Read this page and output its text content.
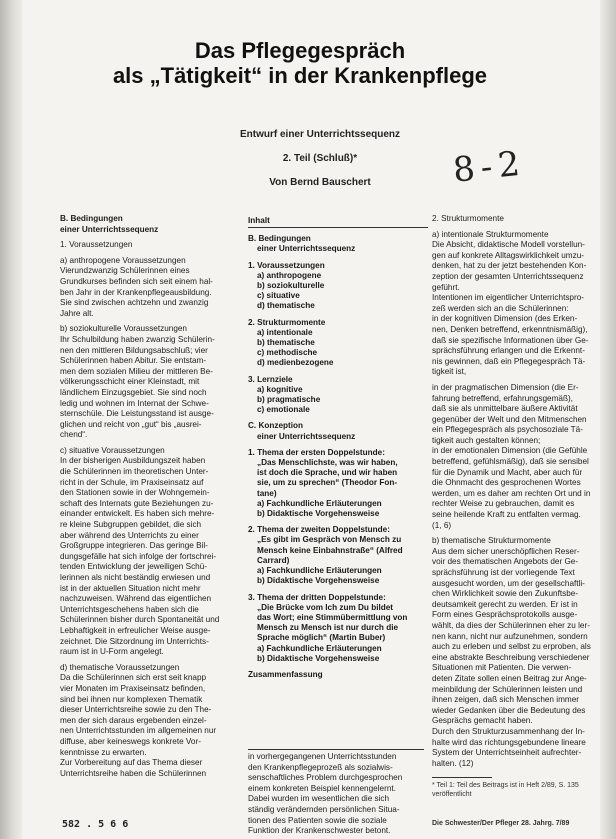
Das Pflegegespräch
als „Tätigkeit“ in der Krankenpflege
Entwurf einer Unterrichtssequenz
2. Teil (Schluß)*
Von Bernd Bauschert	8-2

B. Bedingungen

einer Unterrichtssequenz

1. Voraussetzungen

a) anthropogene Voraussetzungen

Vierundzwanzig Schülerinnen eines

Grundkurses befinden sich seit einem hal-

ben Jahr in der Krankenpflegeausbildung.

Sie sind zwischen achtzehn und zwanzig

Jahre alt.

b) soziokulturelle Voraussetzungen

Ihr Schulbildung haben zwanzig Schülerin-

nen den mittleren Bildungsabschluß; vier

Schülerinnen haben Abitur. Sie entstam-

men dem sozialen Milieu der mittleren Be-

völkerungsschicht einer Kleinstadt, mit

ländlichem Einzugsgebiet. Sie sind noch

ledig und wohnen im Internat der Schwe-

sternschüle. Die Leistungsstand ist ausge-

glichen und reicht von „gut“ bis „ausrei-

chend“.

c) situative Voraussetzungen

In der bisherigen Ausbildungszeit haben

die Schülerinnen im theoretischen Unter-

richt in der Schule, im Praxiseinsatz auf

den Stationen sowie in der Wohngemein-

schaft des Internats gute Beziehungen zu-

einander entwickelt. Es haben sich mehre-

re kleine Subgruppen gebildet, die sich

aber während des Unterrichts zu einer

Großgruppe integrieren. Das geringe Bil-

dungsgefälle hat sich infolge der fortschrei-

tenden Entwicklung der jeweiligen Schü-

lerinnen als nicht beständig erwiesen und

ist in der aktuellen Situation nicht mehr

nachzuweisen. Während das eigentlichen

Unterrichtsgeschehens haben sich die

Schülerinnen bisher durch Spontaneität und

Lebhaftigkeit in erfreulicher Weise ausge-

zeichnet. Die Sitzordnung im Unterrichts-

raum ist in U-Form angelegt.

d) thematische Voraussetzungen

Da die Schülerinnen sich erst seit knapp

vier Monaten im Praxiseinsatz befinden,

sind bei ihnen nur komplexen Thematik

dieser Unterrichtsreihe sowie zu den The-

men der sich daraus ergebenden einzel-

nen Unterrichtsstunden im allgemeinen nur

diffuse, aber keineswegs konkrete Vor-

kenntnisse zu erwarten.

Zur Vorbereitung auf das Thema dieser

Unterrichtsreihe haben die Schülerinnen

Inhalt

B. Bedingungen

einer Unterrichtssequenz

1. Voraussetzungen

a) anthropogene

b) soziokulturelle

c) situative

d) thematische

2. Strukturmomente

a) intentionale

b) thematische

c) methodische

d) medienbezogene

3. Lernziele

a) kognitive

b) pragmatische

c) emotionale

C. Konzeption

einer Unterrichtssequenz

1. Thema der ersten Doppelstunde:

„Das Menschlichste, was wir haben,

ist doch die Sprache, und wir haben

sie, um zu sprechen“ (Theodor Fon-

tane)

a) Fachkundliche Erläuterungen

b) Didaktische Vorgehensweise

2. Thema der zweiten Doppelstunde:

„Es gibt im Gespräch von Mensch zu

Mensch keine Einbahnstraße“ (Alfred

Carrard)

a) Fachkundliche Erläuterungen

b) Didaktische Vorgehensweise

3. Thema der dritten Doppelstunde:

„Die Brücke vom Ich zum Du bildet

das Wort; eine Stimmübermittlung von

Mensch zu Mensch ist nur durch die

Sprache möglich“ (Martin Buber)

a) Fachkundliche Erläuterungen

b) Didaktische Vorgehensweise

Zusammenfassung

in vorhergegangenen Unterrichtsstunden

den Krankenpflegeprozeß als sozialwis-

senschaftliches Problem durchgesprochen

einem konkreten Beispiel kennengelernt.

Dabei wurden im wesentlichen die sich

ständig verändernden persönlichen Situa-

tionen des Patienten sowie die soziale

Funktion der Krankenschwester betont.

2. Strukturmomente

a) intentionale Strukturmomente

Die Absicht, didaktische Modell vorstellun-

gen auf konkrete Alltagswirklichkeit umzu-

denken, hat zu der jetzt bestehenden Kon-

zeption der gesamten Unterrichtssequenz

geführt.

Intentionen im eigentlicher Unterrichtspro-

zeß werden sich an die Schülerinnen:

in der kognitiven Dimension (des Erken-

nen, Denken betreffend, erkenntnismäßig),

daß sie spezifische Informationen über Ge-

sprächsführung erlangen und die Erkennt-

nis gewinnen, daß ein Pflegegespräch Tä-

tigkeit ist,

in der pragmatischen Dimension (die Er-

fahrung betreffend, erfahrungsgemäß),

daß sie als unmittelbare äußere Aktivität

gegenüber der Welt und den Mitmenschen

ein Pflegegespräch als psychosoziale Tä-

tigkeit auch gestalten können;

in der emotionalen Dimension (die Gefühle

betreffend, gefühlsmäßig), daß sie sensibel

für die Dynamik und Macht, aber auch für

die Ohnmacht des gesprochenen Wortes

werden, um es daher am rechten Ort und in

rechter Weise zu gebrauchen, damit es

seine heilende Kraft zu entfalten vermag.

(1, 6)

b) thematische Strukturmomente

Aus dem sicher unerschöpflichen Reser-

voir des thematischen Angebots der Ge-

sprächsführung ist der vorliegende Text

ausgesucht worden, um der gesellschaftli-

chen Wirklichkeit sowie den Zukunftsbe-

deutsamkeit gerecht zu werden. Er ist in

Form eines Gesprächsprotokolls ausge-

wählt, da dies der Schülerinnen eher zu ler-

nen kann, nicht nur aufzunehmen, sondern

auch zu erleben und selbst zu erproben, als

eine abstrakte Beschreibung verschiedener

Situationen mit Patienten. Die verwen-

deten Zitate sollen einen Beitrag zur Ange-

meinbildung der Schülerinnen leisten und

ihnen zeigen, daß sich Menschen immer

wieder Gedanken über die Bedeutung des

Gesprächs gemacht haben.

Durch den Strukturzusammenhang der In-

halte wird das richtungsgebundene lineare

System der Unterrichtseinheit aufrechter-

halten. (12)

* Teil 1: Teil des Beitrags ist in Heft 2/89, S. 135 veröffentlicht
Die Schwester/Der Pfleger 28. Jahrg. 7/89
582 . 5 6 6
